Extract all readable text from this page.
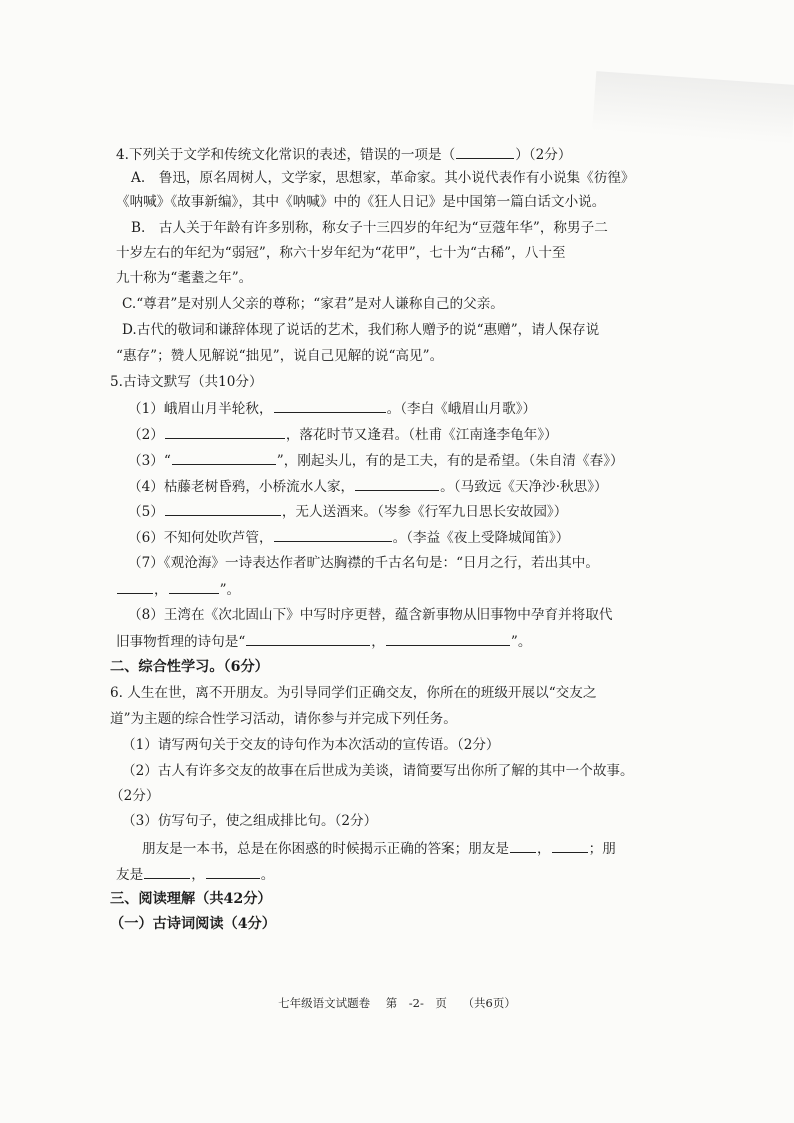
4.下列关于文学和传统文化常识的表述，错误的一项是（	）（2分）
A.　鲁迅，原名周树人，文学家，思想家，革命家。其小说代表作有小说集《彷徨》
《呐喊》《故事新编》，其中《呐喊》中的《狂人日记》是中国第一篇白话文小说。
B.　古人关于年龄有许多别称，称女子十三四岁的年纪为“豆蔻年华”，称男子二
十岁左右的年纪为“弱冠”，称六十岁年纪为“花甲”，七十为“古稀”，八十至
九十称为“耄耋之年”。
C.“尊君”是对别人父亲的尊称；“家君”是对人谦称自己的父亲。
D.古代的敬词和谦辞体现了说话的艺术，我们称人赠予的说“惠赠”，请人保存说
“惠存”；赞人见解说“拙见”，说自己见解的说“高见”。
5.古诗文默写（共10分）
（1）峨眉山月半轮秋，	。（李白《峨眉山月歌》）
（2）	，落花时节又逢君。（杜甫《江南逢李龟年》）
（3）“	”，刚起头儿，有的是工夫，有的是希望。（朱自清《春》）
（4）枯藤老树昏鸦，小桥流水人家，	。（马致远《天净沙·秋思》）
（5）	，无人送酒来。（岑参《行军九日思长安故园》）
（6）不知何处吹芦管，	。（李益《夜上受降城闻笛》）
（7）《观沧海》一诗表达作者旷达胸襟的千古名句是：“日月之行，若出其中。
，	”。
（8）王湾在《次北固山下》中写时序更替，蕴含新事物从旧事物中孕育并将取代
旧事物哲理的诗句是“	，	”。
二、综合性学习。（6分）
6. 人生在世，离不开朋友。为引导同学们正确交友，你所在的班级开展以“交友之
道”为主题的综合性学习活动，请你参与并完成下列任务。
（1）请写两句关于交友的诗句作为本次活动的宣传语。（2分）
（2）古人有许多交友的故事在后世成为美谈，请简要写出你所了解的其中一个故事。
（2分）
（3）仿写句子，使之组成排比句。（2分）
朋友是一本书，总是在你困惑的时候揭示正确的答案；朋友是 ，	；朋
友是	，	。
三、阅读理解（共42分）
（一）古诗词阅读（4分）
七年级语文试题卷 第　-2-　页 （共6页）
